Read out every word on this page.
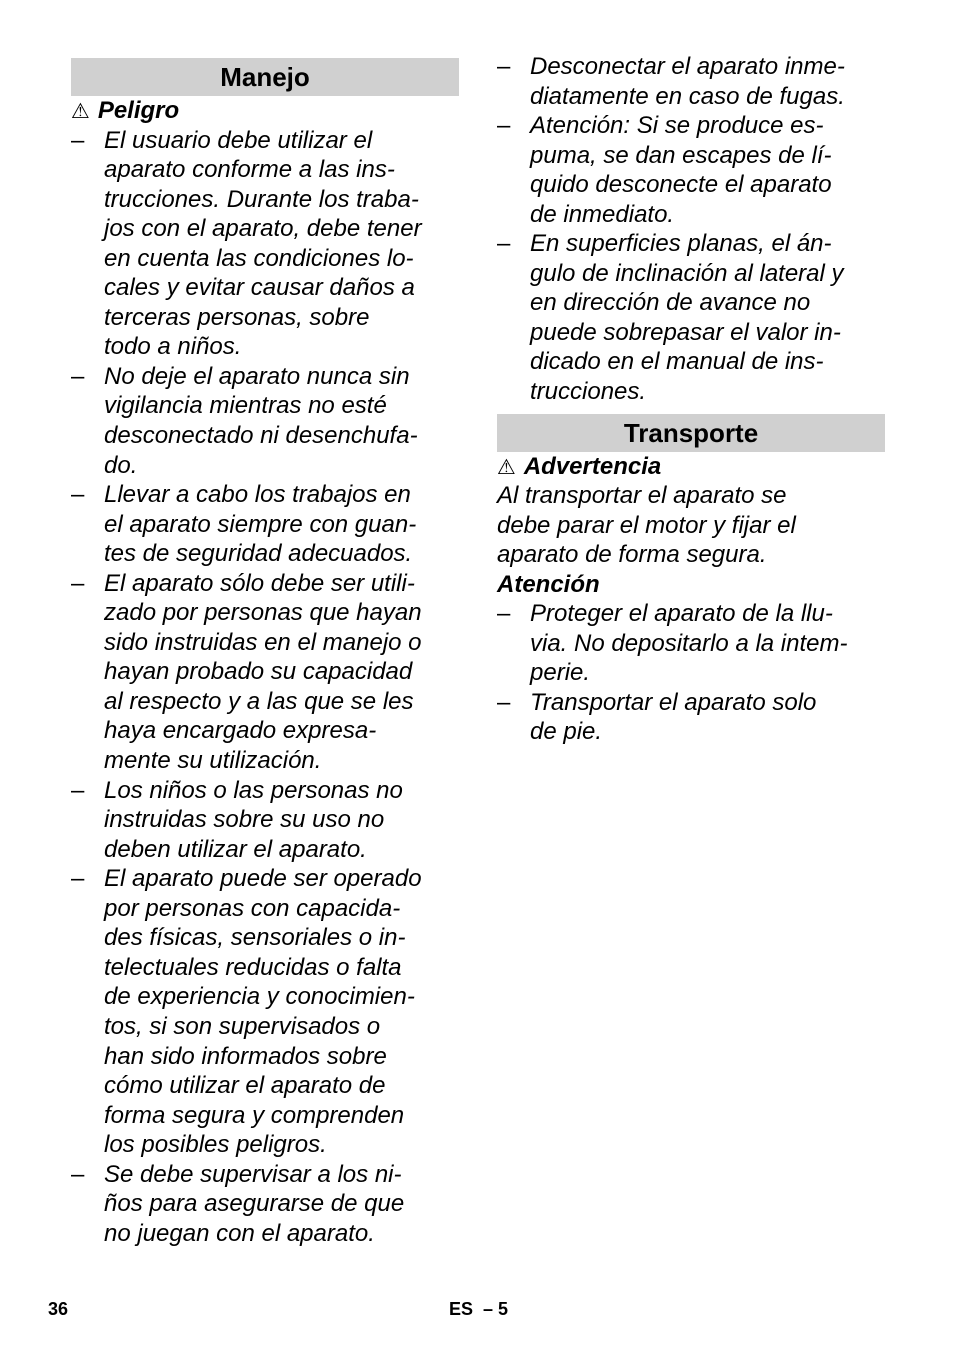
Manejo
⚠ Peligro
– El usuario debe utilizar el
aparato conforme a las ins-
trucciones. Durante los traba-
jos con el aparato, debe tener
en cuenta las condiciones lo-
cales y evitar causar daños a
terceras personas, sobre
todo a niños.
– No deje el aparato nunca sin
vigilancia mientras no esté
desconectado ni desenchufa-
do.
– Llevar a cabo los trabajos en
el aparato siempre con guan-
tes de seguridad adecuados.
– El aparato sólo debe ser utili-
zado por personas que hayan
sido instruidas en el manejo o
hayan probado su capacidad
al respecto y a las que se les
haya encargado expresa-
mente su utilización.
– Los niños o las personas no
instruidas sobre su uso no
deben utilizar el aparato.
– El aparato puede ser operado
por personas con capacida-
des físicas, sensoriales o in-
telectuales reducidas o falta
de experiencia y conocimien-
tos, si son supervisados o
han sido informados sobre
cómo utilizar el aparato de
forma segura y comprenden
los posibles peligros.
– Se debe supervisar a los ni-
ños para asegurarse de que
no juegan con el aparato.
– Desconectar el aparato inme-
diatamente en caso de fugas.
– Atención: Si se produce es-
puma, se dan escapes de lí-
quido desconecte el aparato
de inmediato.
– En superficies planas, el án-
gulo de inclinación al lateral y
en dirección de avance no
puede sobrepasar el valor in-
dicado en el manual de ins-
trucciones.
Transporte
⚠ Advertencia
Al transportar el aparato se
debe parar el motor y fijar el
aparato de forma segura.
Atención
– Proteger el aparato de la llu-
via. No depositarlo a la intem-
perie.
– Transportar el aparato solo
de pie.
36	ES  – 5
